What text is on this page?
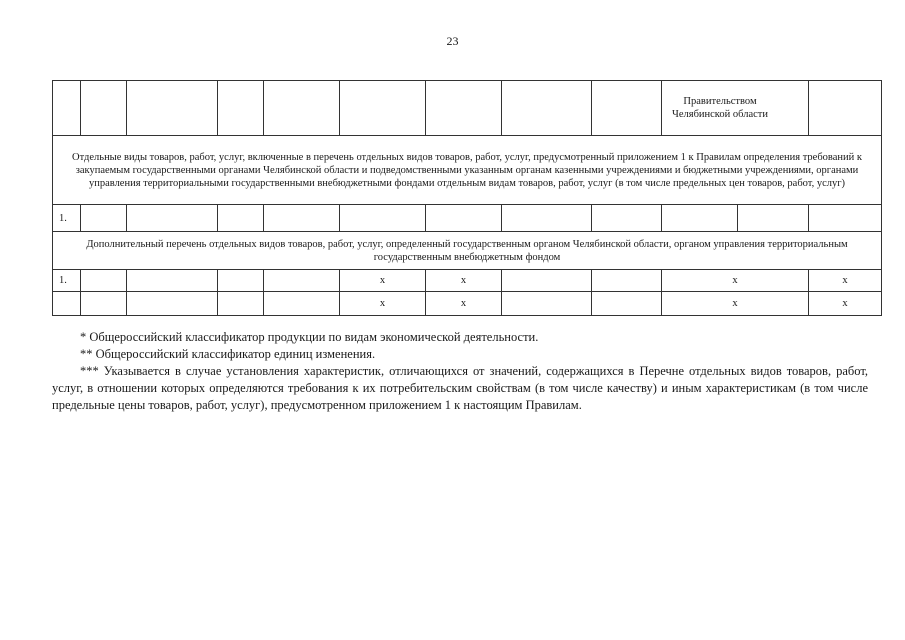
23
									Правительством Челябинской области		
Отдельные виды товаров, работ, услуг, включенные в перечень отдельных видов товаров, работ, услуг, предусмотренный приложением 1 к Правилам определения требований к закупаемым государственными органами Челябинской области и подведомственными указанным органам казенными учреждениями и бюджетными учреждениями, органами управления территориальными государственными внебюджетными фондами отдельным видам товаров, работ, услуг (в том числе предельных цен товаров, работ, услуг)											
1.											
Дополнительный перечень отдельных видов товаров, работ, услуг, определенный государственным органом Челябинской области, органом управления территориальным государственным внебюджетным фондом											
1.					x	x			x		x
					x	x			x		x

* Общероссийский классификатор продукции по видам экономической деятельности.

** Общероссийский классификатор единиц изменения.

*** Указывается в случае установления характеристик, отличающихся от значений, содержащихся в Перечне отдельных видов товаров, работ, услуг, в отношении которых определяются требования к их потребительским свойствам (в том числе качеству) и иным характеристикам (в том числе предельные цены товаров, работ, услуг), предусмотренном приложением 1 к настоящим Правилам.
